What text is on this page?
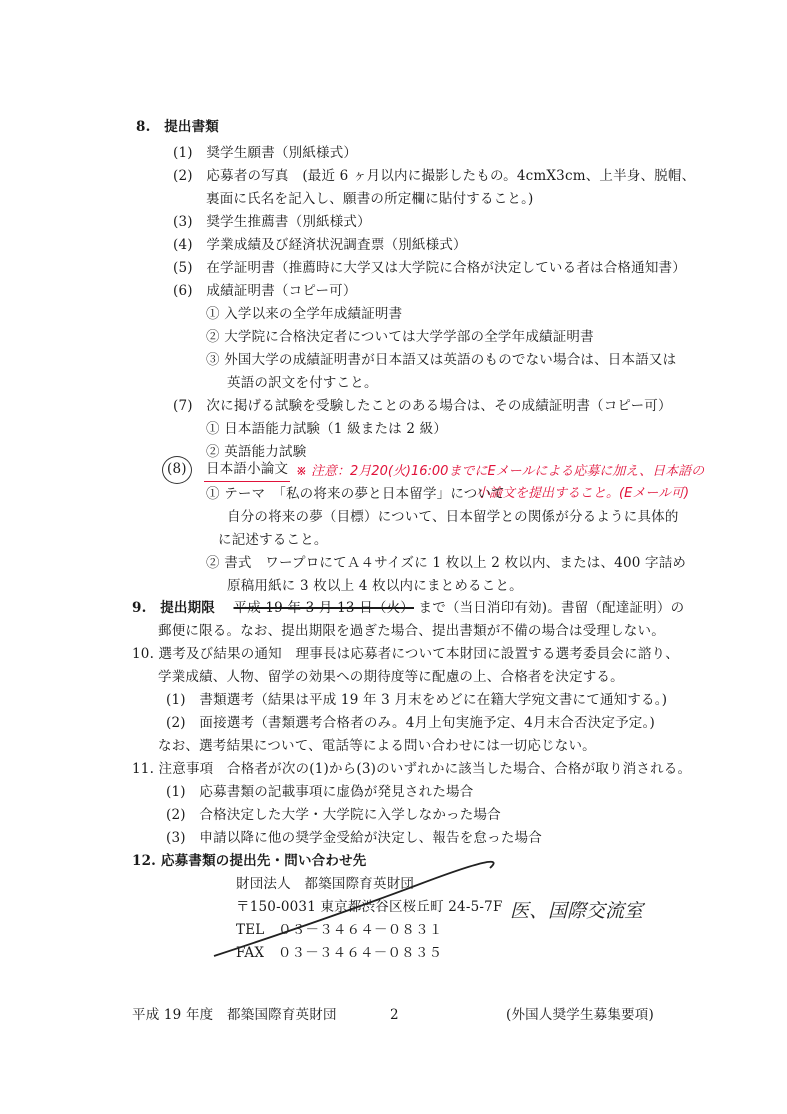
8.　提出書類
(1)　奨学生願書（別紙様式）
(2)　応募者の写真　(最近 6 ヶ月以内に撮影したもの。4cmX3cm、上半身、脱帽、
裏面に氏名を記入し、願書の所定欄に貼付すること。)
(3)　奨学生推薦書（別紙様式）
(4)　学業成績及び経済状況調査票（別紙様式）
(5)　在学証明書（推薦時に大学又は大学院に合格が決定している者は合格通知書）
(6)　成績証明書（コピー可）
① 入学以来の全学年成績証明書
② 大学院に合格決定者については大学学部の全学年成績証明書
③ 外国大学の成績証明書が日本語又は英語のものでない場合は、日本語又は
英語の訳文を付すこと。
(7)　次に掲げる試験を受験したことのある場合は、その成績証明書（コピー可）
① 日本語能力試験（1 級または 2 級）
② 英語能力試験
(8) 日本語小論文 ※ 注意：2月20(火)16:00までにEメールによる応募に加え、日本語の
小論文を提出すること。(Eメール可)
① テーマ　「私の将来の夢と日本留学」について
自分の将来の夢（目標）について、日本留学との関係が分るように具体的
に記述すること。
② 書式　ワープロにてＡ４サイズに 1 枚以上 2 枚以内、または、400 字詰め
原稿用紙に 3 枚以上 4 枚以内にまとめること。
9.　提出期限 平成 19 年 3 月 13 日（火） まで（当日消印有効)。書留（配達証明）の
郵便に限る。なお、提出期限を過ぎた場合、提出書類が不備の場合は受理しない。
10. 選考及び結果の通知　理事長は応募者について本財団に設置する選考委員会に諮り、
学業成績、人物、留学の効果への期待度等に配慮の上、合格者を決定する。
(1)　書類選考（結果は平成 19 年 3 月末をめどに在籍大学宛文書にて通知する。)
(2)　面接選考（書類選考合格者のみ。4月上旬実施予定、4月末合否決定予定。)
なお、選考結果について、電話等による問い合わせには一切応じない。
11. 注意事項　合格者が次の(1)から(3)のいずれかに該当した場合、合格が取り消される。
(1)　応募書類の記載事項に虚偽が発見された場合
(2)　合格決定した大学・大学院に入学しなかった場合
(3)　申請以降に他の奨学金受給が決定し、報告を怠った場合
12. 応募書類の提出先・問い合わせ先
財団法人　都築国際育英財団
〒150-0031 東京都渋谷区桜丘町 24-5-7F
TEL　０３－３４６４－０８３１
FAX　０３－３４６４－０８３５
医、国際交流室
平成 19 年度　都築国際育英財団	2	(外国人奨学生募集要項)
